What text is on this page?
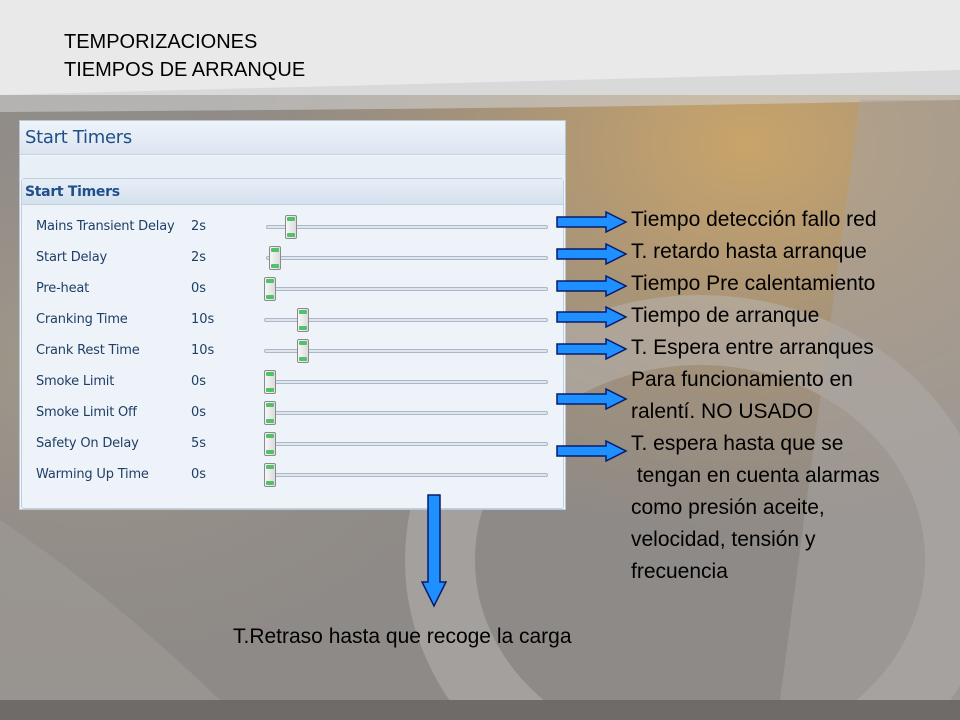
TEMPORIZACIONES
TIEMPOS DE ARRANQUE
Start Timers
Start Timers
Mains Transient Delay 2s
Start Delay	2s
Pre-heat	0s
Cranking Time	10s
Crank Rest Time	10s
Smoke Limit	0s
Smoke Limit Off	0s
Safety On Delay	5s
Warming Up Time	0s
Tiempo detección fallo red
T. retardo hasta arranque
Tiempo Pre calentamiento
Tiempo de arranque
T. Espera entre arranques
Para funcionamiento en
ralentí. NO USADO
T. espera hasta que se
tengan en cuenta alarmas
como presión aceite,
velocidad, tensión y
frecuencia
T.Retraso hasta que recoge la carga
